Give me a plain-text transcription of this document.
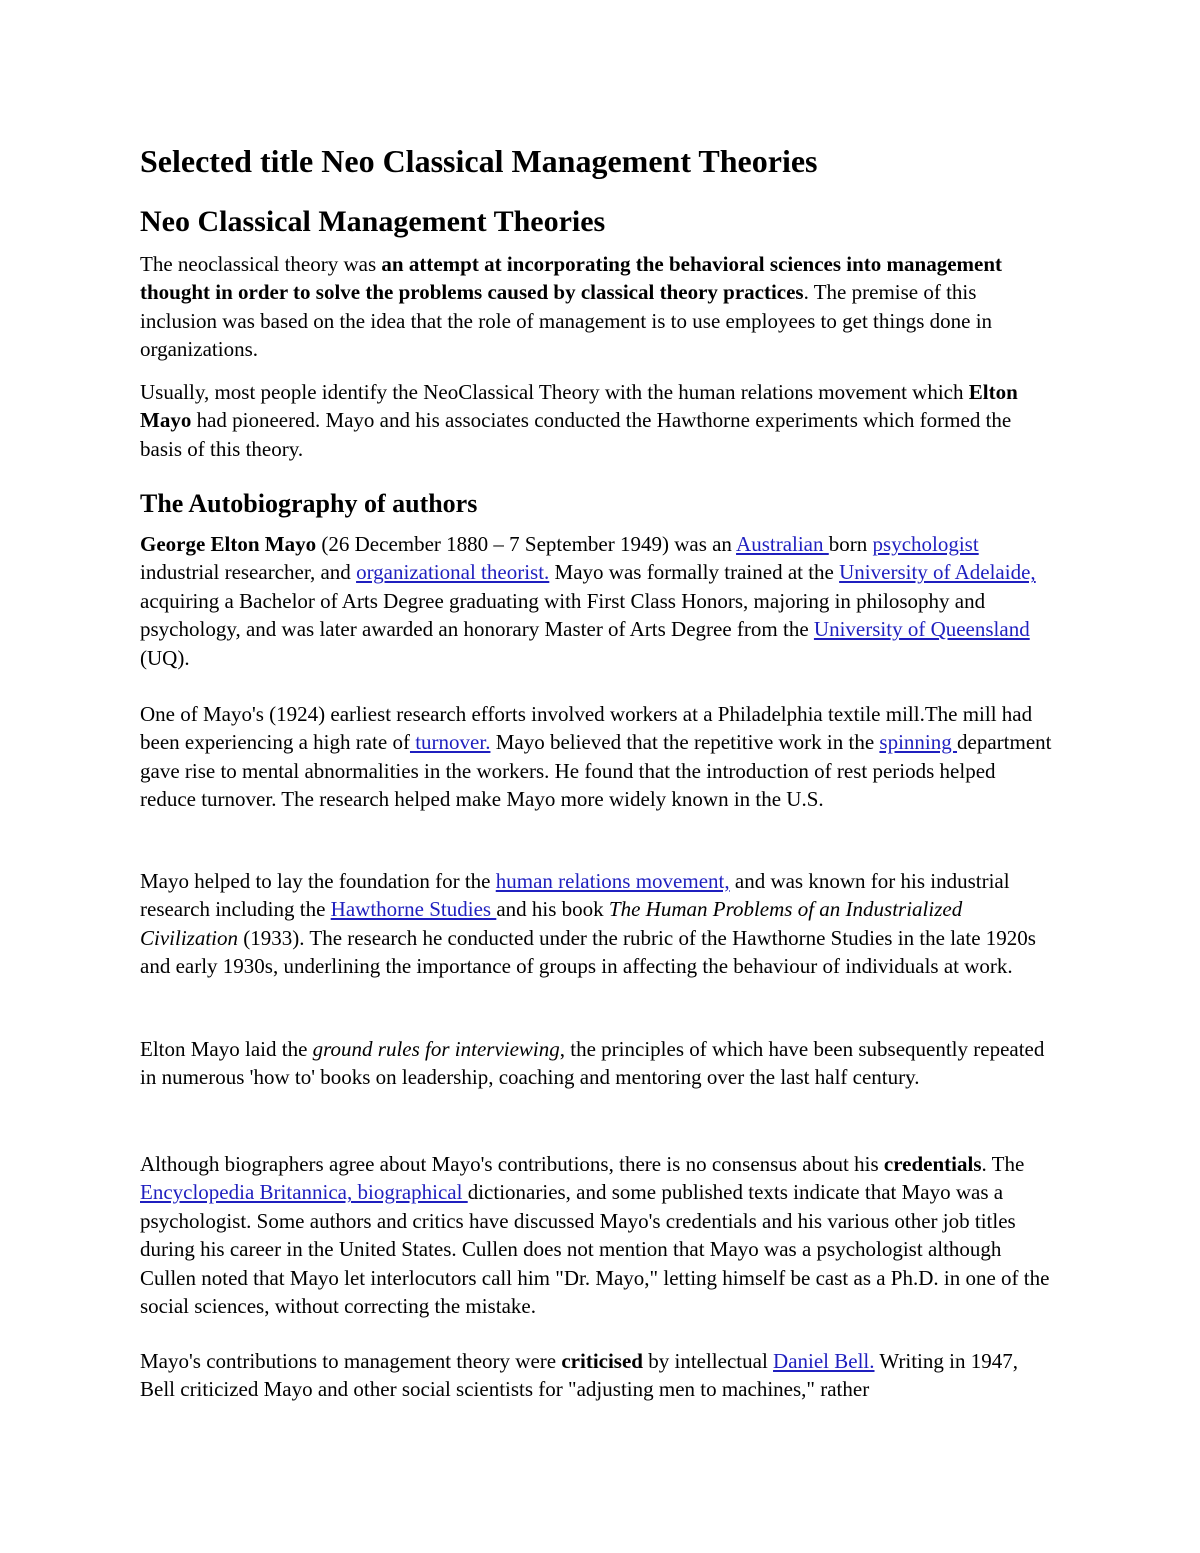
Selected title Neo Classical Management Theories
Neo Classical Management Theories

The neoclassical theory was an attempt at incorporating the behavioral sciences into management thought in order to solve the problems caused by classical theory practices. The premise of this inclusion was based on the idea that the role of management is to use employees to get things done in organizations.

Usually, most people identify the NeoClassical Theory with the human relations movement which Elton Mayo had pioneered. Mayo and his associates conducted the Hawthorne experiments which formed the basis of this theory.

The Autobiography of authors

George Elton Mayo (26 December 1880 – 7 September 1949) was an Australian born psychologist industrial researcher, and organizational theorist. Mayo was formally trained at the University of Adelaide, acquiring a Bachelor of Arts Degree graduating with First Class Honors, majoring in philosophy and psychology, and was later awarded an honorary Master of Arts Degree from the University of Queensland (UQ).

One of Mayo's (1924) earliest research efforts involved workers at a Philadelphia textile mill.The mill had been experiencing a high rate of turnover. Mayo believed that the repetitive work in the spinning department gave rise to mental abnormalities in the workers. He found that the introduction of rest periods helped reduce turnover. The research helped make Mayo more widely known in the U.S.

Mayo helped to lay the foundation for the human relations movement, and was known for his industrial research including the Hawthorne Studies and his book The Human Problems of an Industrialized Civilization (1933). The research he conducted under the rubric of the Hawthorne Studies in the late 1920s and early 1930s, underlining the importance of groups in affecting the behaviour of individuals at work.

Elton Mayo laid the ground rules for interviewing, the principles of which have been subsequently repeated in numerous 'how to' books on leadership, coaching and mentoring over the last half century.

Although biographers agree about Mayo's contributions, there is no consensus about his credentials. The Encyclopedia Britannica, biographical dictionaries, and some published texts indicate that Mayo was a psychologist. Some authors and critics have discussed Mayo's credentials and his various other job titles during his career in the United States. Cullen does not mention that Mayo was a psychologist although Cullen noted that Mayo let interlocutors call him "Dr. Mayo," letting himself be cast as a Ph.D. in one of the social sciences, without correcting the mistake.

Mayo's contributions to management theory were criticised by intellectual Daniel Bell. Writing in 1947, Bell criticized Mayo and other social scientists for "adjusting men to machines," rather
